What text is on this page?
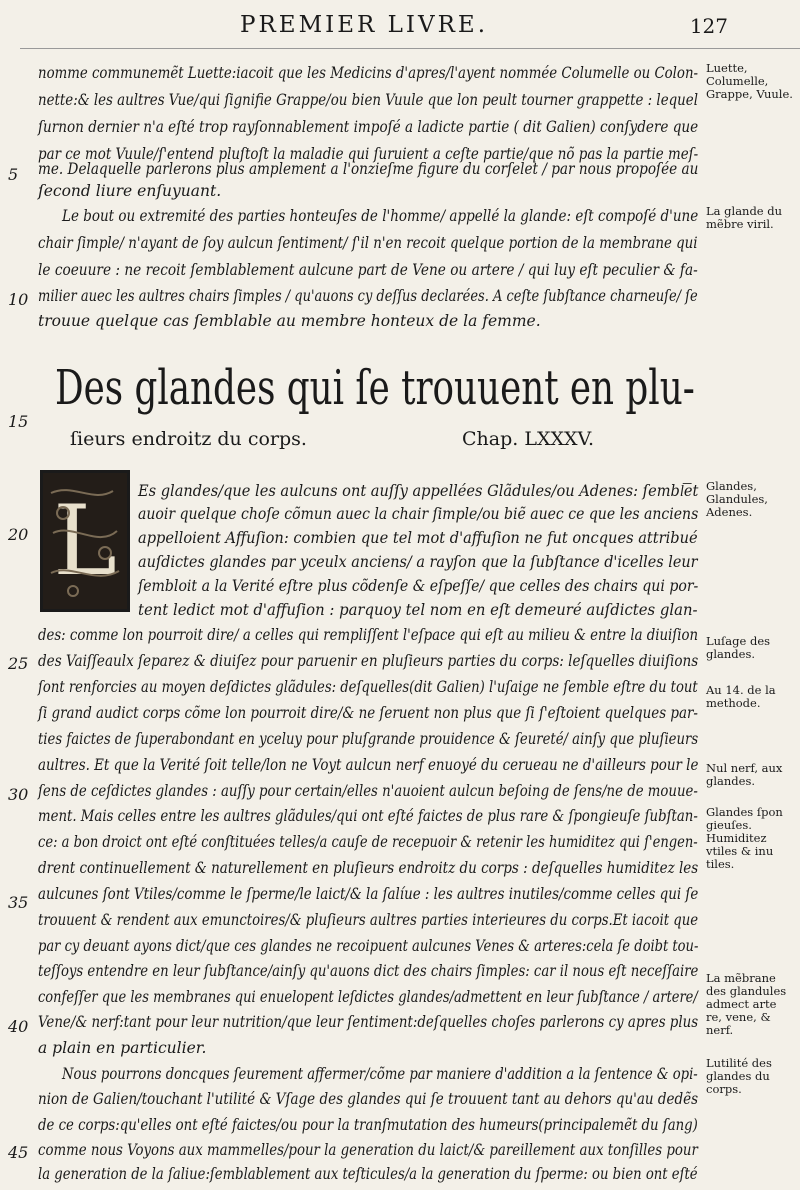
PREMIER LIVRE.	127
nomme communemẽt Luette:iacoit que les Medicins d'apres/l'ayent nommée Columelle ou Colon-
nette:& les aultres Vue/qui ſignifie Grappe/ou bien Vuule que lon peult tourner grappette : lequel
ſurnon dernier n'a eſté trop rayſonnablement impoſé a ladicte partie ( dit Galien) conſydere que
par ce mot Vuule/ſ'entend pluſtoſt la maladie qui ſuruient a ceſte partie/que nõ pas la partie meſ-
me. Delaquelle parlerons plus amplement a l'onzieſme figure du corſelet / par nous propoſée au
ſecond liure enſuyuant.
Le bout ou extremité des parties honteuſes de l'homme/ appellé la glande: eſt compoſé d'une
chair ſimple/ n'ayant de ſoy aulcun ſentiment/ ſ'il n'en recoit quelque portion de la membrane qui
le coeuure : ne recoit ſemblablement aulcune part de Vene ou artere / qui luy eſt peculier & fa-
milier auec les aultres chairs ſimples / qu'auons cy deſſus declarées. A ceſte ſubſtance charneuſe/ ſe
trouue quelque cas ſemblable au membre honteux de la femme.
Des glandes qui ſe trouuent en plu-
ſieurs endroitz du corps.	Chap. LXXXV.
L Es glandes/que les aulcuns ont auſſy appellées Glãdules/ou Adenes: ſembl͞et
auoir quelque choſe cõmun auec la chair ſimple/ou biẽ auec ce que les anciens
appelloient Affuſion: combien que tel mot d'affuſion ne fut oncques attribué
auſdictes glandes par yceulx anciens/ a rayſon que la ſubſtance d'icelles leur
ſembloit a la Verité eſtre plus cõdenſe & eſpeſſe/ que celles des chairs qui por-
tent ledict mot d'affuſion : parquoy tel nom en eſt demeuré auſdictes glan-
des: comme lon pourroit dire/ a celles qui rempliſſent l'eſpace qui eſt au milieu & entre la diuiſion
des Vaiſſeaulx ſeparez & diuiſez pour paruenir en pluſieurs parties du corps: leſquelles diuiſions
ſont renforcies au moyen deſdictes glãdules: deſquelles(dit Galien) l'uſaige ne ſemble eſtre du tout
ſi grand audict corps cõme lon pourroit dire/& ne ſeruent non plus que ſi ſ'eſtoient quelques par-
ties faictes de ſuperabondant en yceluy pour pluſgrande prouidence & ſeureté/ ainſy que pluſieurs
aultres. Et que la Verité ſoit telle/lon ne Voyt aulcun nerf enuoyé du cerueau ne d'ailleurs pour le
ſens de ceſdictes glandes : auſſy pour certain/elles n'auoient aulcun beſoing de ſens/ne de mouue-
ment. Mais celles entre les aultres glãdules/qui ont eſté faictes de plus rare & ſpongieuſe ſubſtan-
ce: a bon droict ont eſté conſtituées telles/a cauſe de recepuoir & retenir les humiditez qui ſ'engen-
drent continuellement & naturellement en pluſieurs endroitz du corps : deſquelles humiditez les
aulcunes ſont Vtiles/comme le ſperme/le laict/& la ſalíue : les aultres inutiles/comme celles qui ſe
trouuent & rendent aux emunctoires/& pluſieurs aultres parties interieures du corps.Et iacoit que
par cy deuant ayons dict/que ces glandes ne recoipuent aulcunes Venes & arteres:cela ſe doibt tou-
teſſoys entendre en leur ſubſtance/ainſy qu'auons dict des chairs ſimples: car il nous eſt neceſſaire
confeſſer que les membranes qui enuelopent leſdictes glandes/admettent en leur ſubſtance / artere/
Vene/& nerf:tant pour leur nutrition/que leur ſentiment:deſquelles choſes parlerons cy apres plus
a plain en particulier.
Nous pourrons doncques ſeurement affermer/cõme par maniere d'addition a la ſentence & opi-
nion de Galien/touchant l'utilité & Vſage des glandes qui ſe trouuent tant au dehors qu'au dedẽs
de ce corps:qu'elles ont eſté faictes/ou pour la tranſmutation des humeurs(principalemẽt du ſang)
comme nous Voyons aux mammelles/pour la generation du laict/& pareillement aux tonſilles pour
la generation de la ſaliue:ſemblablement aux teſticules/a la generation du ſperme: ou bien ont eſté
5
10
15
20
25
30
35
40
45
Luette, Columelle, Grappe, Vuule.
La glande du mẽbre viril.
Glandes, Glandules, Adenes.
Luſage des glandes.
Au 14. de la methode.
Nul nerf, aux glandes.
Glandes ſpon gieuſes. Humiditez vtiles & inu tiles.
La mẽbrane des glandules admect arte re, vene, & nerf.
Lutilité des glandes du corps.
